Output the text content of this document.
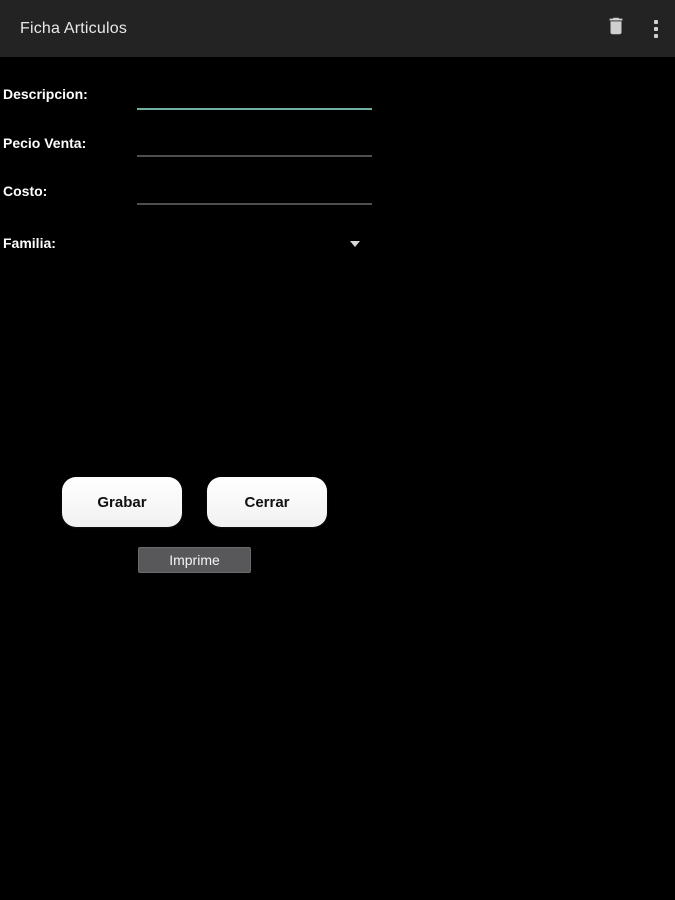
Ficha Articulos
Descripcion:
Pecio Venta:
Costo:
Familia:
Grabar	Cerrar
Imprime
